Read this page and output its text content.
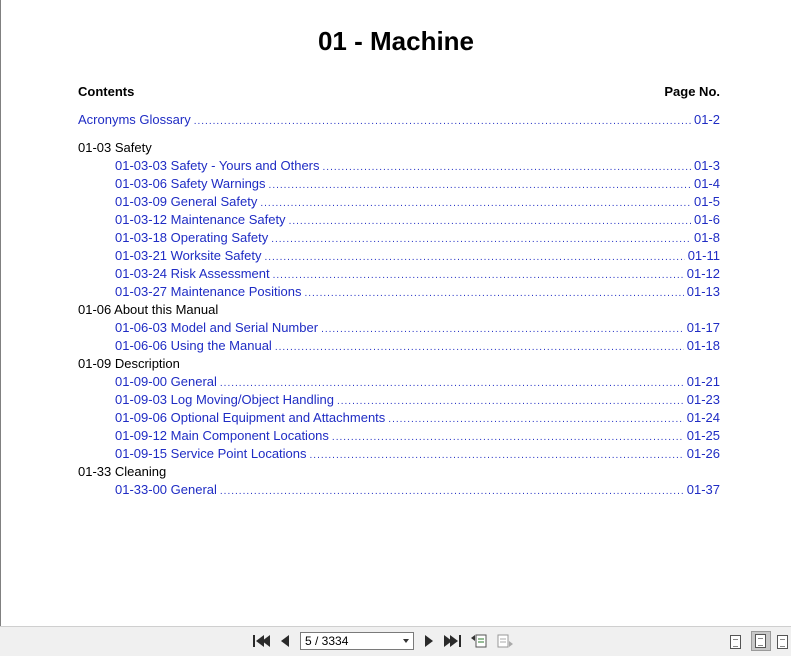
01 - Machine
Contents	Page No.
Acronyms Glossary .....	01-2
01-03 Safety
01-03-03 Safety - Yours and Others .....	01-3
01-03-06 Safety Warnings .....	01-4
01-03-09 General Safety .....	01-5
01-03-12 Maintenance Safety .....	01-6
01-03-18 Operating Safety .....	01-8
01-03-21 Worksite Safety .....	01-11
01-03-24 Risk Assessment .....	01-12
01-03-27 Maintenance Positions .....	01-13
01-06 About this Manual
01-06-03 Model and Serial Number .....	01-17
01-06-06 Using the Manual .....	01-18
01-09 Description
01-09-00 General .....	01-21
01-09-03 Log Moving/Object Handling .....	01-23
01-09-06 Optional Equipment and Attachments .....	01-24
01-09-12 Main Component Locations .....	01-25
01-09-15 Service Point Locations .....	01-26
01-33 Cleaning
01-33-00 General .....	01-37
5 / 3334
